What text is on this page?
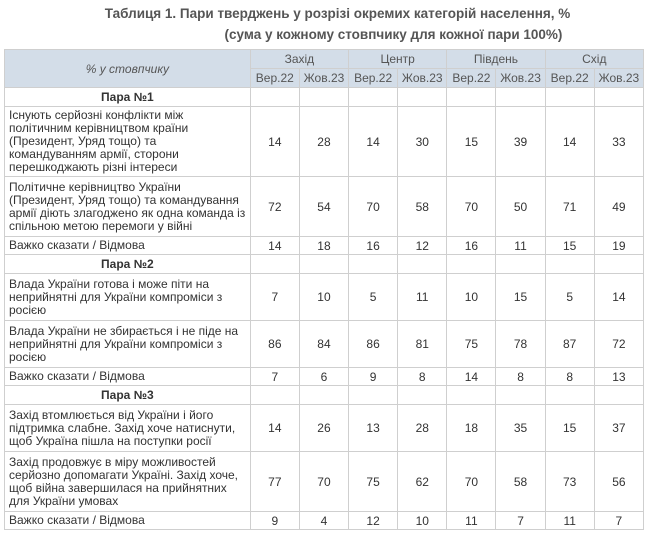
Таблиця 1. Пари тверджень у розрізі окремих категорій населення, %
(сума у кожному стовпчику для кожної пари 100%)
% у стовпчику	Захід		Центр		Південь		Схід	
	Вер.22	Жов.23	Вер.22	Жов.23	Вер.22	Жов.23	Вер.22	Жов.23
Пара №1								
Існують серйозні конфлікти між політичним керівництвом країни (Президент, Уряд тощо) та командуванням армії, сторони перешкоджають різні інтереси	14	28	14	30	15	39	14	33
Політичне керівництво України (Президент, Уряд тощо) та командування армії діють злагоджено як одна команда із спільною метою перемоги у війні	72	54	70	58	70	50	71	49
Важко сказати / Відмова	14	18	16	12	16	11	15	19
Пара №2								
Влада України готова і може піти на неприйнятні для України компроміси з росією	7	10	5	11	10	15	5	14
Влада України не збирається і не піде на неприйнятні для України компроміси з росією	86	84	86	81	75	78	87	72
Важко сказати / Відмова	7	6	9	8	14	8	8	13
Пара №3								
Захід втомлюється від України і його підтримка слабне. Захід хоче натиснути, щоб Україна пішла на поступки росії	14	26	13	28	18	35	15	37
Захід продовжує в міру можливостей серйозно допомагати Україні. Захід хоче, щоб війна завершилася на прийнятних для України умовах	77	70	75	62	70	58	73	56
Важко сказати / Відмова	9	4	12	10	11	7	11	7
